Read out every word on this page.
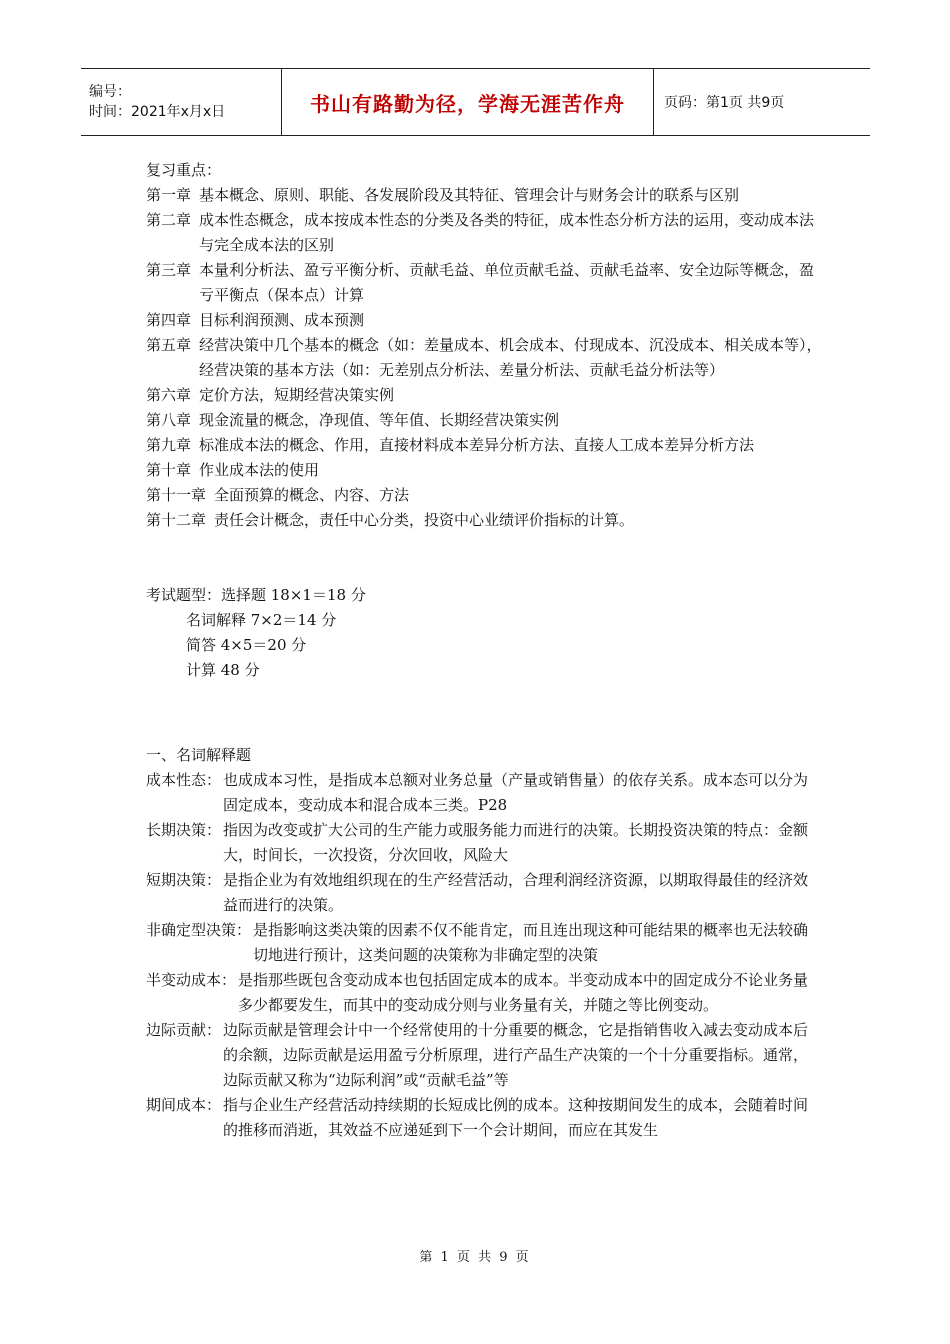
编号：
时间：2021年x月x日	书山有路勤为径，学海无涯苦作舟	页码：第1页 共9页
复习重点：
第一章 基本概念、原则、职能、各发展阶段及其特征、管理会计与财务会计的联系与区别
第二章 成本性态概念，成本按成本性态的分类及各类的特征，成本性态分析方法的运用，变动成本法与完全成本法的区别
第三章 本量利分析法、盈亏平衡分析、贡献毛益、单位贡献毛益、贡献毛益率、安全边际等概念，盈亏平衡点（保本点）计算
第四章 目标利润预测、成本预测
第五章 经营决策中几个基本的概念（如：差量成本、机会成本、付现成本、沉没成本、相关成本等），经营决策的基本方法（如：无差别点分析法、差量分析法、贡献毛益分析法等）
第六章 定价方法，短期经营决策实例
第八章 现金流量的概念，净现值、等年值、长期经营决策实例
第九章 标准成本法的概念、作用，直接材料成本差异分析方法、直接人工成本差异分析方法
第十章 作业成本法的使用
第十一章 全面预算的概念、内容、方法
第十二章 责任会计概念，责任中心分类，投资中心业绩评价指标的计算。
考试题型：选择题 18×1＝18 分
名词解释 7×2＝14 分
简答 4×5＝20 分
计算 48 分
一、名词解释题
成本性态： 也成成本习性，是指成本总额对业务总量（产量或销售量）的依存关系。成本态可以分为固定成本，变动成本和混合成本三类。P28
长期决策： 指因为改变或扩大公司的生产能力或服务能力而进行的决策。长期投资决策的特点：金额大，时间长，一次投资，分次回收，风险大
短期决策： 是指企业为有效地组织现在的生产经营活动，合理利润经济资源，以期取得最佳的经济效益而进行的决策。
非确定型决策： 是指影响这类决策的因素不仅不能肯定，而且连出现这种可能结果的概率也无法较确切地进行预计，这类问题的决策称为非确定型的决策
半变动成本： 是指那些既包含变动成本也包括固定成本的成本。半变动成本中的固定成分不论业务量多少都要发生，而其中的变动成分则与业务量有关，并随之等比例变动。
边际贡献： 边际贡献是管理会计中一个经常使用的十分重要的概念，它是指销售收入减去变动成本后的余额，边际贡献是运用盈亏分析原理，进行产品生产决策的一个十分重要指标。通常，边际贡献又称为“边际利润”或“贡献毛益”等
期间成本： 指与企业生产经营活动持续期的长短成比例的成本。这种按期间发生的成本，会随着时间的推移而消逝，其效益不应递延到下一个会计期间，而应在其发生
第 1 页 共 9 页
